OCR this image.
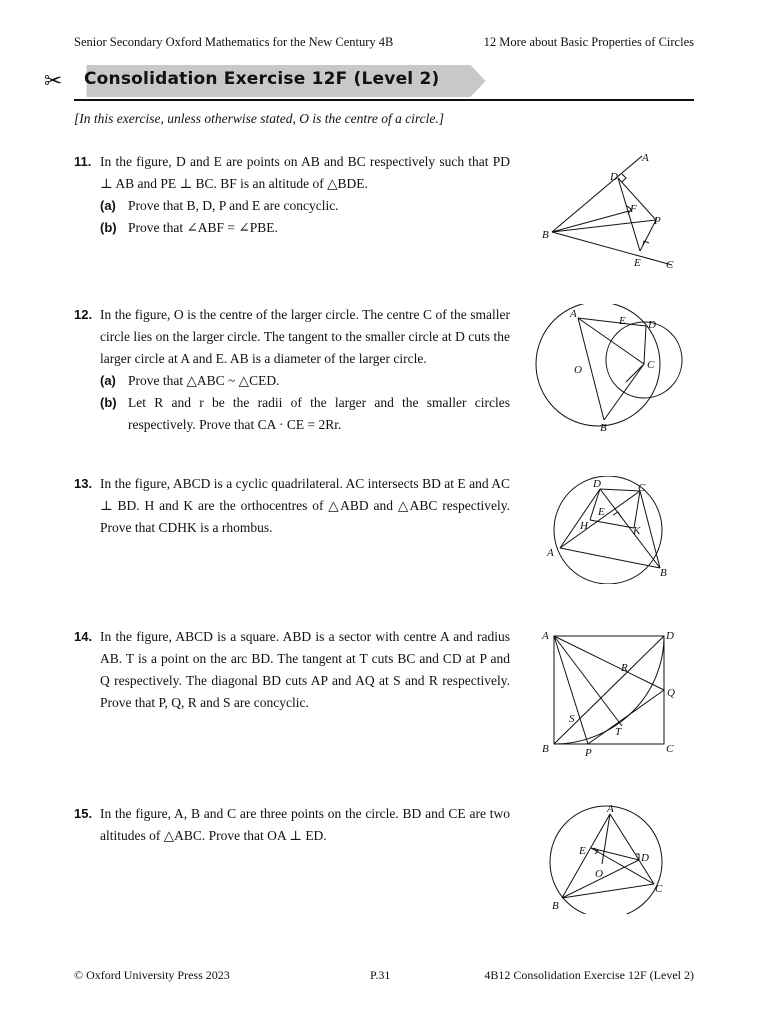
Senior Secondary Oxford Mathematics for the New Century 4B	12 More about Basic Properties of Circles
✂ Consolidation Exercise 12F (Level 2)
[In this exercise, unless otherwise stated, O is the centre of a circle.]
11. In the figure, D and E are points on AB and BC respectively such that PD ⊥ AB and PE ⊥ BC. BF is an altitude of △BDE.
(a) Prove that B, D, P and E are concyclic.
(b) Prove that ∠ABF = ∠PBE.
12. In the figure, O is the centre of the larger circle. The centre C of the smaller circle lies on the larger circle. The tangent to the smaller circle at D cuts the larger circle at A and E. AB is a diameter of the larger circle.
(a) Prove that △ABC ~ △CED.
(b) Let R and r be the radii of the larger and the smaller circles respectively. Prove that CA · CE = 2Rr.
13. In the figure, ABCD is a cyclic quadrilateral. AC intersects BD at E and AC ⊥ BD. H and K are the orthocentres of △ABD and △ABC respectively. Prove that CDHK is a rhombus.
14. In the figure, ABCD is a square. ABD is a sector with centre A and radius AB. T is a point on the arc BD. The tangent at T cuts BC and CD at P and Q respectively. The diagonal BD cuts AP and AQ at S and R respectively. Prove that P, Q, R and S are concyclic.
15. In the figure, A, B and C are three points on the circle. BD and CE are two altitudes of △ABC. Prove that OA ⊥ ED.
A
D
F
P
B
E C
A
E D
O	C
B
D	C
E
H	K
A
B
A	D
R
Q
S
T
B	P	C
A
E
D
O
C
B
© Oxford University Press 2023	P.31	4B12 Consolidation Exercise 12F (Level 2)
